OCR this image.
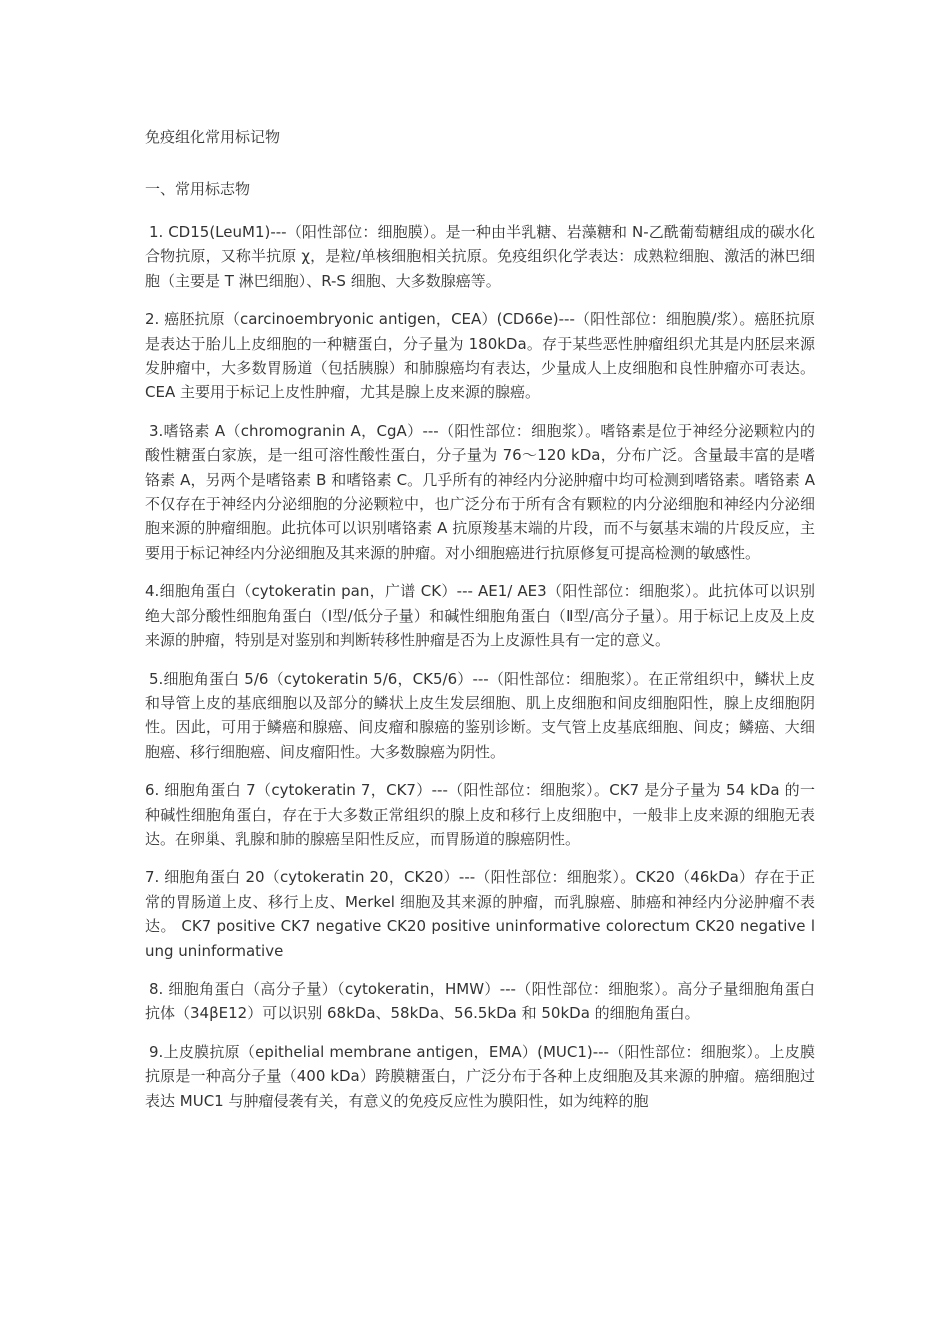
免疫组化常用标记物
一、常用标志物

1. CD15(LeuM1)---（阳性部位：细胞膜）。是一种由半乳糖、岩藻糖和 N-乙酰葡萄糖组成的碳水化合物抗原，又称半抗原 χ，是粒/单核细胞相关抗原。免疫组织化学表达：成熟粒细胞、激活的淋巴细胞（主要是 T 淋巴细胞）、R-S 细胞、大多数腺癌等。

2. 癌胚抗原（carcinoembryonic antigen，CEA）(CD66e)---（阳性部位：细胞膜/浆）。癌胚抗原是表达于胎儿上皮细胞的一种糖蛋白，分子量为 180kDa。存于某些恶性肿瘤组织尤其是内胚层来源发肿瘤中，大多数胃肠道（包括胰腺）和肺腺癌均有表达，少量成人上皮细胞和良性肿瘤亦可表达。CEA 主要用于标记上皮性肿瘤，尤其是腺上皮来源的腺癌。

3.嗜铬素 A（chromogranin A，CgA）---（阳性部位：细胞浆）。嗜铬素是位于神经分泌颗粒内的酸性糖蛋白家族，是一组可溶性酸性蛋白，分子量为 76～120 kDa，分布广泛。含量最丰富的是嗜铬素 A，另两个是嗜铬素 B 和嗜铬素 C。几乎所有的神经内分泌肿瘤中均可检测到嗜铬素。嗜铬素 A 不仅存在于神经内分泌细胞的分泌颗粒中，也广泛分布于所有含有颗粒的内分泌细胞和神经内分泌细胞来源的肿瘤细胞。此抗体可以识别嗜铬素 A 抗原羧基末端的片段，而不与氨基末端的片段反应，主要用于标记神经内分泌细胞及其来源的肿瘤。对小细胞癌进行抗原修复可提高检测的敏感性。

4.细胞角蛋白（cytokeratin pan，广谱 CK）--- AE1/ AE3（阳性部位：细胞浆）。此抗体可以识别绝大部分酸性细胞角蛋白（Ⅰ型/低分子量）和碱性细胞角蛋白（Ⅱ型/高分子量）。用于标记上皮及上皮来源的肿瘤，特别是对鉴别和判断转移性肿瘤是否为上皮源性具有一定的意义。

5.细胞角蛋白 5/6（cytokeratin 5/6，CK5/6）---（阳性部位：细胞浆）。在正常组织中，鳞状上皮和导管上皮的基底细胞以及部分的鳞状上皮生发层细胞、肌上皮细胞和间皮细胞阳性，腺上皮细胞阴性。因此，可用于鳞癌和腺癌、间皮瘤和腺癌的鉴别诊断。支气管上皮基底细胞、间皮；鳞癌、大细胞癌、移行细胞癌、间皮瘤阳性。大多数腺癌为阴性。

6. 细胞角蛋白 7（cytokeratin 7，CK7）---（阳性部位：细胞浆）。CK7 是分子量为 54 kDa 的一种碱性细胞角蛋白，存在于大多数正常组织的腺上皮和移行上皮细胞中，一般非上皮来源的细胞无表达。在卵巢、乳腺和肺的腺癌呈阳性反应，而胃肠道的腺癌阴性。

7. 细胞角蛋白 20（cytokeratin 20，CK20）---（阳性部位：细胞浆）。CK20（46kDa）存在于正常的胃肠道上皮、移行上皮、Merkel 细胞及其来源的肿瘤，而乳腺癌、肺癌和神经内分泌肿瘤不表达。 CK7 positive CK7 negative CK20 positive uninformative colorectum CK20 negative lung uninformative

8. 细胞角蛋白（高分子量）（cytokeratin，HMW）---（阳性部位：细胞浆）。高分子量细胞角蛋白抗体（34βE12）可以识别 68kDa、58kDa、56.5kDa 和 50kDa 的细胞角蛋白。

9.上皮膜抗原（epithelial membrane antigen，EMA）(MUC1)---（阳性部位：细胞浆）。上皮膜抗原是一种高分子量（400 kDa）跨膜糖蛋白，广泛分布于各种上皮细胞及其来源的肿瘤。癌细胞过表达 MUC1 与肿瘤侵袭有关，有意义的免疫反应性为膜阳性，如为纯粹的胞
